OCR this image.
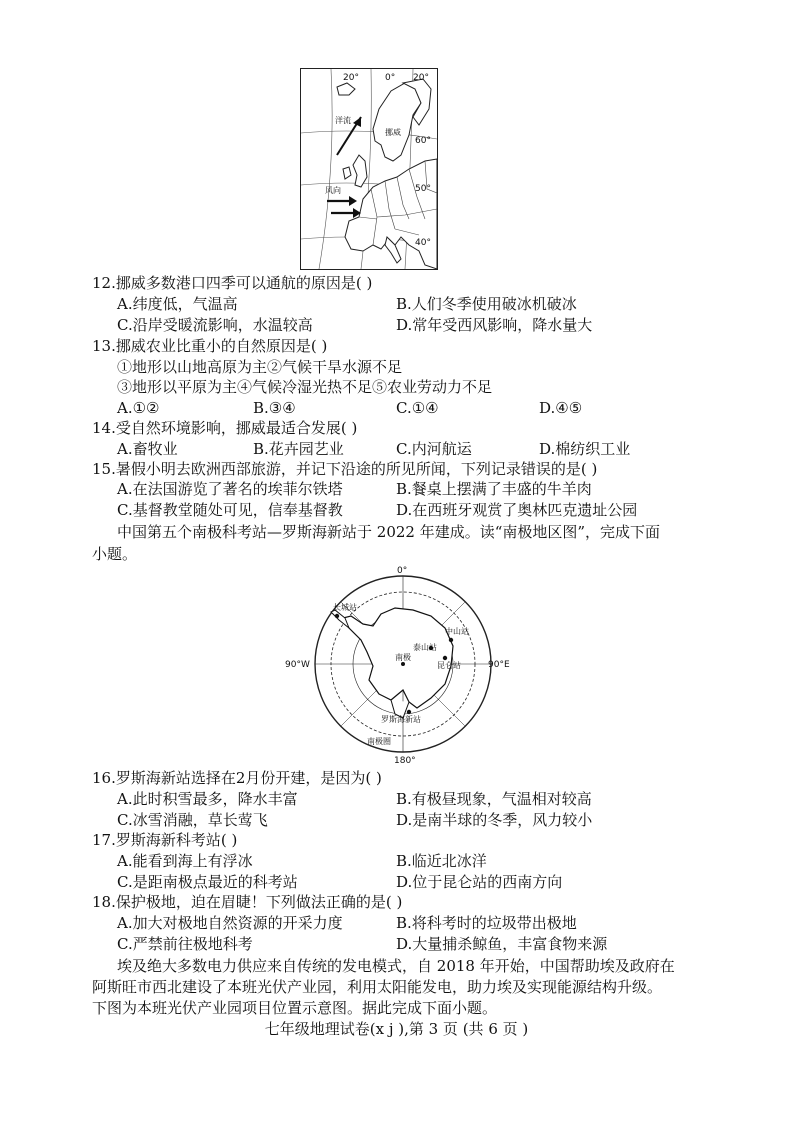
20°	0° 20°
60°
50°
40°
洋流
挪威
风向
12.挪威多数港口四季可以通航的原因是( )
A.纬度低，气温高	B.人们冬季使用破冰机破冰
C.沿岸受暖流影响，水温较高	D.常年受西风影响，降水量大
13.挪威农业比重小的自然原因是( )
①地形以山地高原为主②气候干旱水源不足
③地形以平原为主④气候冷湿光热不足⑤农业劳动力不足
A.①②	B.③④	C.①④	D.④⑤
14.受自然环境影响，挪威最适合发展( )
A.畜牧业	B.花卉园艺业	C.内河航运	D.棉纺织工业
15.暑假小明去欧洲西部旅游，并记下沿途的所见所闻，下列记录错误的是( )
A.在法国游览了著名的埃菲尔铁塔	B.餐桌上摆满了丰盛的牛羊肉
C.基督教堂随处可见，信奉基督教	D.在西班牙观赏了奥林匹克遗址公园
中国第五个南极科考站—罗斯海新站于 2022 年建成。读“南极地区图”，完成下面
小题。
0°
180°
90°W	90°E
长城站
泰山站
中山站
昆仑站
南极
罗斯海新站
南极圈
16.罗斯海新站选择在2月份开建，是因为( )
A.此时积雪最多，降水丰富	B.有极昼现象，气温相对较高
C.冰雪消融，草长莺飞	D.是南半球的冬季，风力较小
17.罗斯海新科考站( )
A.能看到海上有浮冰	B.临近北冰洋
C.是距南极点最近的科考站	D.位于昆仑站的西南方向
18.保护极地，迫在眉睫！下列做法正确的是( )
A.加大对极地自然资源的开采力度	B.将科考时的垃圾带出极地
C.严禁前往极地科考	D.大量捕杀鲸鱼，丰富食物来源
埃及绝大多数电力供应来自传统的发电模式，自 2018 年开始，中国帮助埃及政府在
阿斯旺市西北建设了本班光伏产业园，利用太阳能发电，助力埃及实现能源结构升级。
下图为本班光伏产业园项目位置示意图。据此完成下面小题。
七年级地理试卷(x j ),第 3 页 (共 6 页 )
